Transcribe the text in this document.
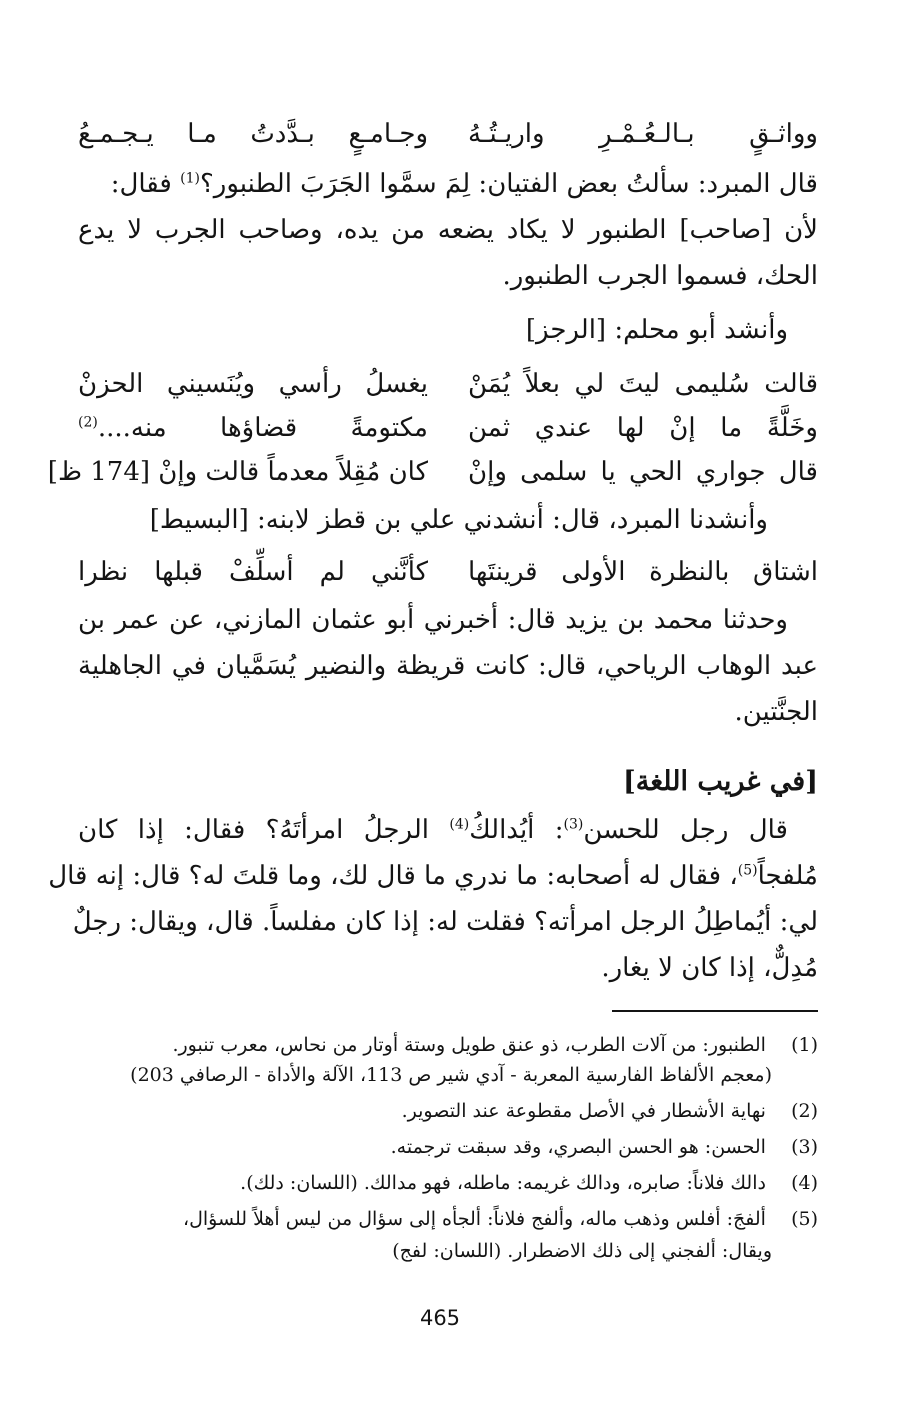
وواثـقٍ بـالـعُـمْـرِ واريـتُـهُ
وجـامـعٍ بـدَّدتُ مـا يـجـمـعُ
قال المبرد: سألتُ بعض الفتيان: لِمَ سمَّوا الجَرَبَ الطنبور؟$^{(1)}$ فقال:
لأن [صاحب] الطنبور لا يكاد يضعه من يده، وصاحب الجرب لا يدع
الحك، فسموا الجرب الطنبور.
وأنشد أبو محلم: [الرجز]
قالت سُليمى ليتَ لي بعلاً يُمَنْ
يغسلُ رأسي ويُنَسيني الحزنْ
وخَلَّةً ما إنْ لها عندي ثمن
مكتومةً قضاؤها منه....$^{(2)}$
قال جواري الحي يا سلمى وإنْ
كان مُقِلاً معدماً قالت وإنْ [174 ظ]
وأنشدنا المبرد، قال: أنشدني علي بن قطز لابنه: [البسيط]
اشتاق بالنظرة الأولى قرينتَها
كأنَّني لم أسلِّفْ قبلها نظرا
وحدثنا محمد بن يزيد قال: أخبرني أبو عثمان المازني، عن عمر بن
عبد الوهاب الرياحي، قال: كانت قريظة والنضير يُسَمَّيان في الجاهلية
الجنَّتين.
[في غريب اللغة]
قال رجل للحسن$^{(3)}$: أيُدالكُ$^{(4)}$ الرجلُ امرأتَهُ؟ فقال: إذا كان
مُلفجاً$^{(5)}$، فقال له أصحابه: ما ندري ما قال لك، وما قلتَ له؟ قال: إنه قال
لي: أيُماطِلُ الرجل امرأته؟ فقلت له: إذا كان مفلساً. قال، ويقال: رجلٌ
مُدِلٌّ، إذا كان لا يغار.
(1) الطنبور: من آلات الطرب، ذو عنق طويل وستة أوتار من نحاس، معرب تنبور.
(معجم الألفاظ الفارسية المعربة - آدي شير ص 113، الآلة والأداة - الرصافي 203)
(2) نهاية الأشطار في الأصل مقطوعة عند التصوير.
(3) الحسن: هو الحسن البصري، وقد سبقت ترجمته.
(4) دالك فلاناً: صابره، ودالك غريمه: ماطله، فهو مدالك. (اللسان: دلك).
(5) ألفجَ: أفلس وذهب ماله، وألفج فلاناً: ألجأه إلى سؤال من ليس أهلاً للسؤال،
ويقال: ألفجني إلى ذلك الاضطرار. (اللسان: لفج)
465
